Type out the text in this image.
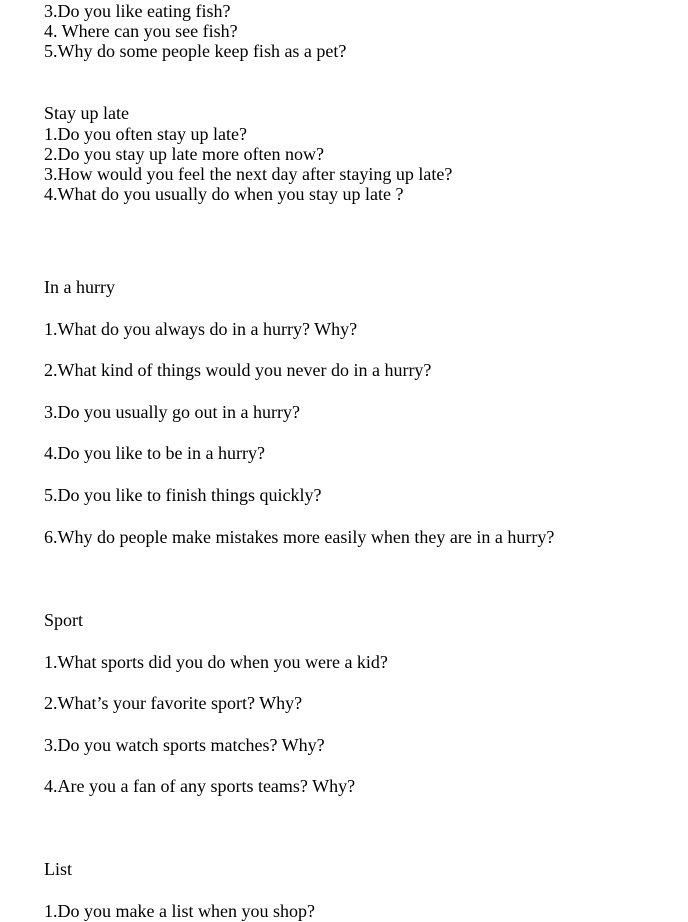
3.Do you like eating fish?
4. Where can you see fish?
5.Why do some people keep fish as a pet?
Stay up late
1.Do you often stay up late?
2.Do you stay up late more often now?
3.How would you feel the next day after staying up late?
4.What do you usually do when you stay up late ?
In a hurry
1.What do you always do in a hurry? Why?
2.What kind of things would you never do in a hurry?
3.Do you usually go out in a hurry?
4.Do you like to be in a hurry?
5.Do you like to finish things quickly?
6.Why do people make mistakes more easily when they are in a hurry?
Sport
1.What sports did you do when you were a kid?
2.What’s your favorite sport? Why?
3.Do you watch sports matches? Why?
4.Are you a fan of any sports teams? Why?
List
1.Do you make a list when you shop?
